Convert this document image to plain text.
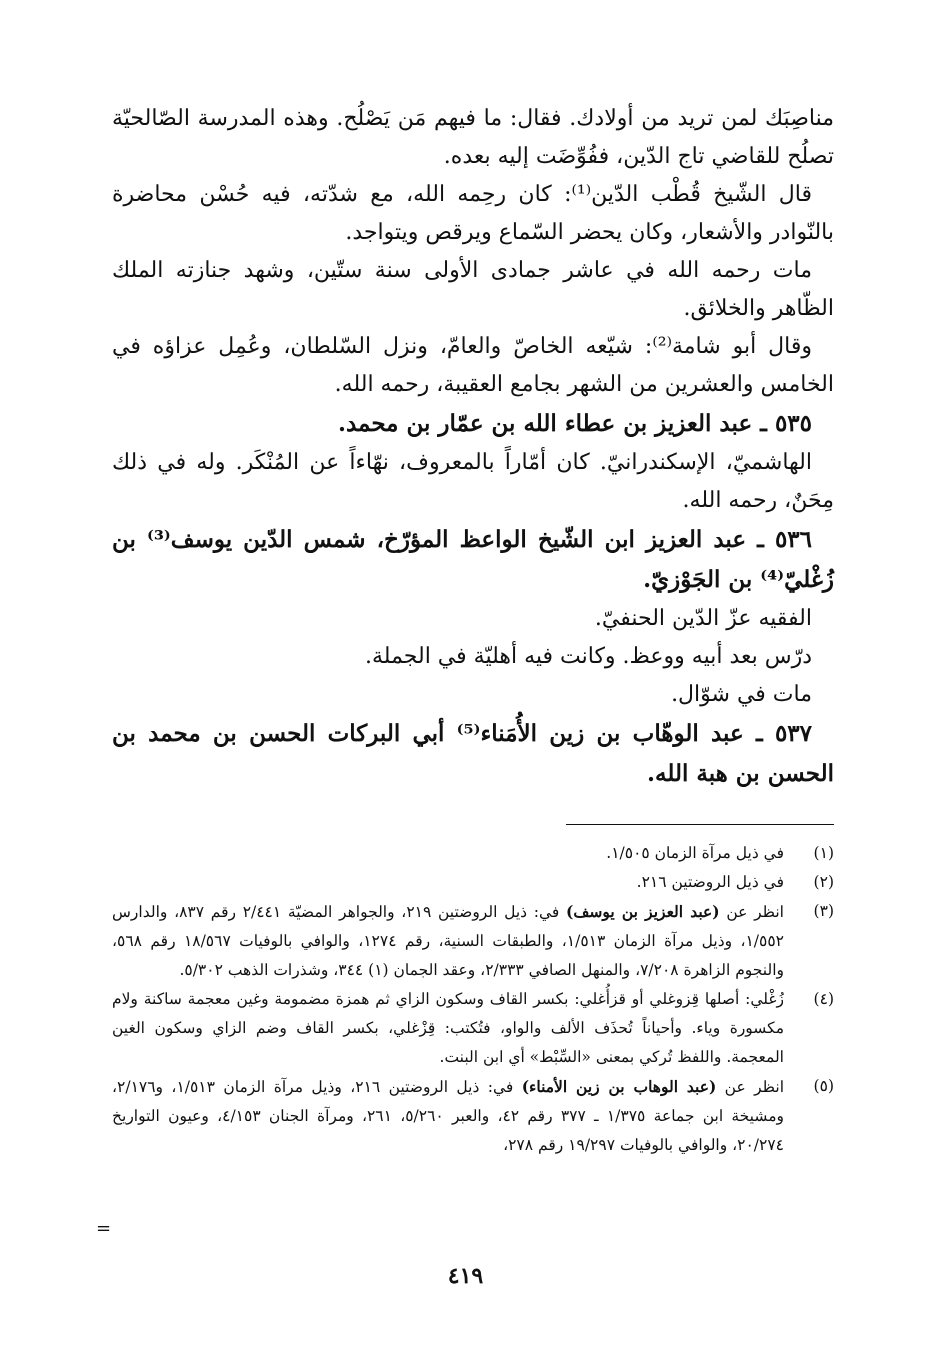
مناصِبَك لمن تريد من أولادك. فقال: ما فيهم مَن يَصْلُح. وهذه المدرسة الصّالحيّة تصلُح للقاضي تاج الدّين، ففُوِّضَت إليه بعده.

قال الشّيخ قُطْب الدّين⁽¹⁾: كان رحِمه الله، مع شدّته، فيه حُسْن محاضرة بالنّوادر والأشعار، وكان يحضر السّماع ويرقص ويتواجد.

مات رحمه الله في عاشر جمادى الأولى سنة ستّين، وشهد جنازته الملك الظّاهر والخلائق.

وقال أبو شامة⁽²⁾: شيّعه الخاصّ والعامّ، ونزل السّلطان، وعُمِل عزاؤه في الخامس والعشرين من الشهر بجامع العقيبة، رحمه الله.

٥٣٥ ـ عبد العزيز بن عطاء الله بن عمّار بن محمد.

الهاشميّ، الإسكندرانيّ. كان أمّاراً بالمعروف، نهّاءاً عن المُنْكَر. وله في ذلك مِحَنٌ، رحمه الله.

٥٣٦ ـ عبد العزيز ابن الشّيخ الواعظ المؤرّخ، شمس الدّين يوسف⁽³⁾ بن زُغْليّ⁽⁴⁾ بن الجَوْزيّ.

الفقيه عزّ الدّين الحنفيّ.

درّس بعد أبيه ووعظ. وكانت فيه أهليّة في الجملة.

مات في شوّال.

٥٣٧ ـ عبد الوهّاب بن زين الأُمَناء⁽⁵⁾ أبي البركات الحسن بن محمد بن الحسن بن هبة الله.

(١)
في ذيل مرآة الزمان ١/٥٠٥.
(٢)
في ذيل الروضتين ٢١٦.
(٣)
انظر عن (عبد العزيز بن يوسف) في: ذيل الروضتين ٢١٩، والجواهر المضيّة ٢/٤٤١ رقم ٨٣٧، والدارس ١/٥٥٢، وذيل مرآة الزمان ١/٥١٣، والطبقات السنية، رقم ١٢٧٤، والوافي بالوفيات ١٨/٥٦٧ رقم ٥٦٨، والنجوم الزاهرة ٧/٢٠٨، والمنهل الصافي ٢/٣٣٣، وعقد الجمان (١) ٣٤٤، وشذرات الذهب ٥/٣٠٢.
(٤)
زُغْلي: أصلها قِزوغلي أو قزأُغلي: بكسر القاف وسكون الزاي ثم همزة مضمومة وغين معجمة ساكنة ولام مكسورة وياء. وأحياناً تُحذَف الألف والواو، فتُكتب: قِزْغلي، بكسر القاف وضم الزاي وسكون الغين المعجمة. واللفظ تُركي بمعنى «السِّبْط» أي ابن البنت.
(٥)
انظر عن (عبد الوهاب بن زين الأمناء) في: ذيل الروضتين ٢١٦، وذيل مرآة الزمان ١/٥١٣، و٢/١٧٦، ومشيخة ابن جماعة ١/٣٧٥ ـ ٣٧٧ رقم ٤٢، والعبر ٥/٢٦٠، ٢٦١، ومرآة الجنان ٤/١٥٣، وعيون التواريخ ٢٠/٢٧٤، والوافي بالوفيات ١٩/٢٩٧ رقم ٢٧٨،
=
٤١٩
